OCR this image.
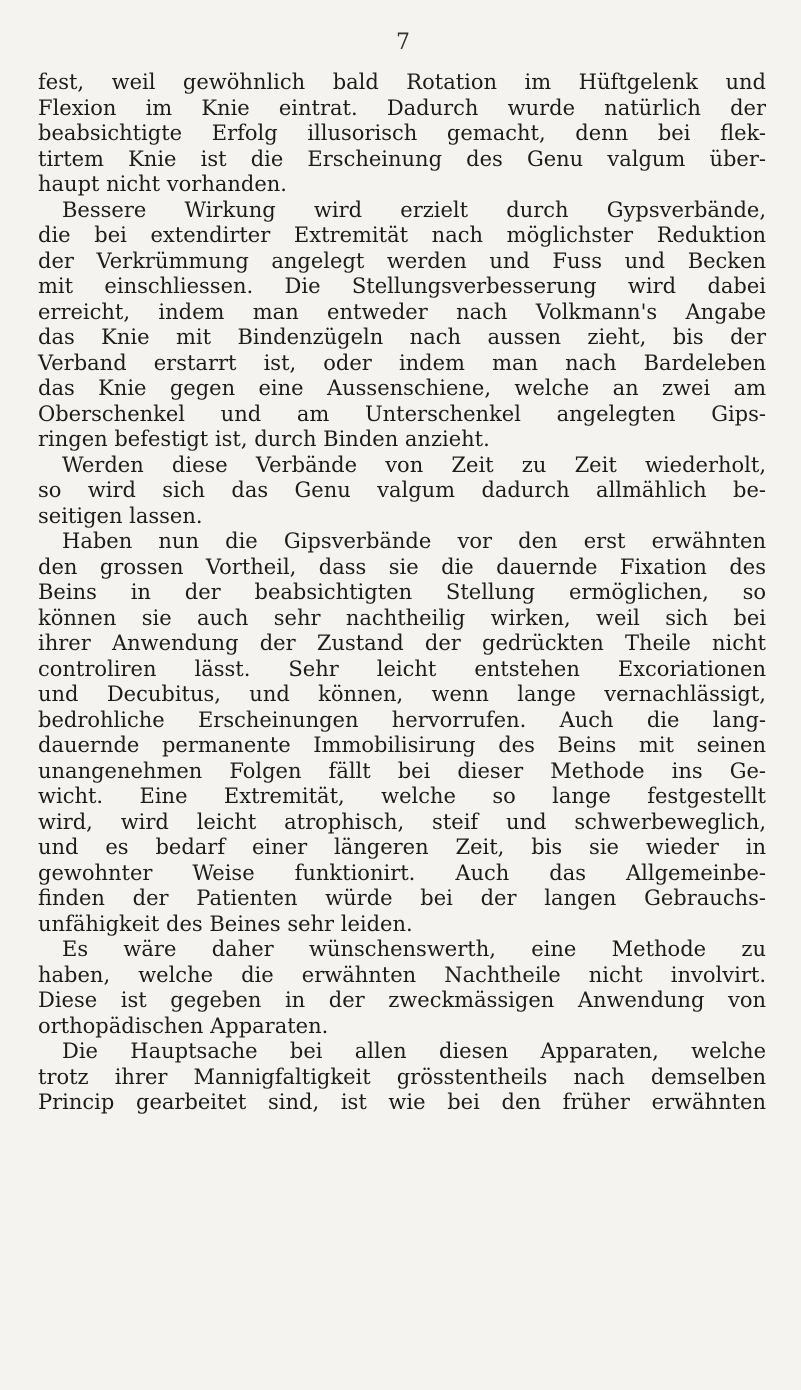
7
fest, weil gewöhnlich bald Rotation im Hüftgelenk und
Flexion im Knie eintrat. Dadurch wurde natürlich der
beabsichtigte Erfolg illusorisch gemacht, denn bei flek-
tirtem Knie ist die Erscheinung des Genu valgum über-
haupt nicht vorhanden.
Bessere Wirkung wird erzielt durch Gypsverbände,
die bei extendirter Extremität nach möglichster Reduktion
der Verkrümmung angelegt werden und Fuss und Becken
mit einschliessen. Die Stellungsverbesserung wird dabei
erreicht, indem man entweder nach Volkmann's Angabe
das Knie mit Bindenzügeln nach aussen zieht, bis der
Verband erstarrt ist, oder indem man nach Bardeleben
das Knie gegen eine Aussenschiene, welche an zwei am
Oberschenkel und am Unterschenkel angelegten Gips-
ringen befestigt ist, durch Binden anzieht.
Werden diese Verbände von Zeit zu Zeit wiederholt,
so wird sich das Genu valgum dadurch allmählich be-
seitigen lassen.
Haben nun die Gipsverbände vor den erst erwähnten
den grossen Vortheil, dass sie die dauernde Fixation des
Beins in der beabsichtigten Stellung ermöglichen, so
können sie auch sehr nachtheilig wirken, weil sich bei
ihrer Anwendung der Zustand der gedrückten Theile nicht
controliren lässt. Sehr leicht entstehen Excoriationen
und Decubitus, und können, wenn lange vernachlässigt,
bedrohliche Erscheinungen hervorrufen. Auch die lang-
dauernde permanente Immobilisirung des Beins mit seinen
unangenehmen Folgen fällt bei dieser Methode ins Ge-
wicht. Eine Extremität, welche so lange festgestellt
wird, wird leicht atrophisch, steif und schwerbeweglich,
und es bedarf einer längeren Zeit, bis sie wieder in
gewohnter Weise funktionirt. Auch das Allgemeinbe-
finden der Patienten würde bei der langen Gebrauchs-
unfähigkeit des Beines sehr leiden.
Es wäre daher wünschenswerth, eine Methode zu
haben, welche die erwähnten Nachtheile nicht involvirt.
Diese ist gegeben in der zweckmässigen Anwendung von
orthopädischen Apparaten.
Die Hauptsache bei allen diesen Apparaten, welche
trotz ihrer Mannigfaltigkeit grösstentheils nach demselben
Princip gearbeitet sind, ist wie bei den früher erwähnten
